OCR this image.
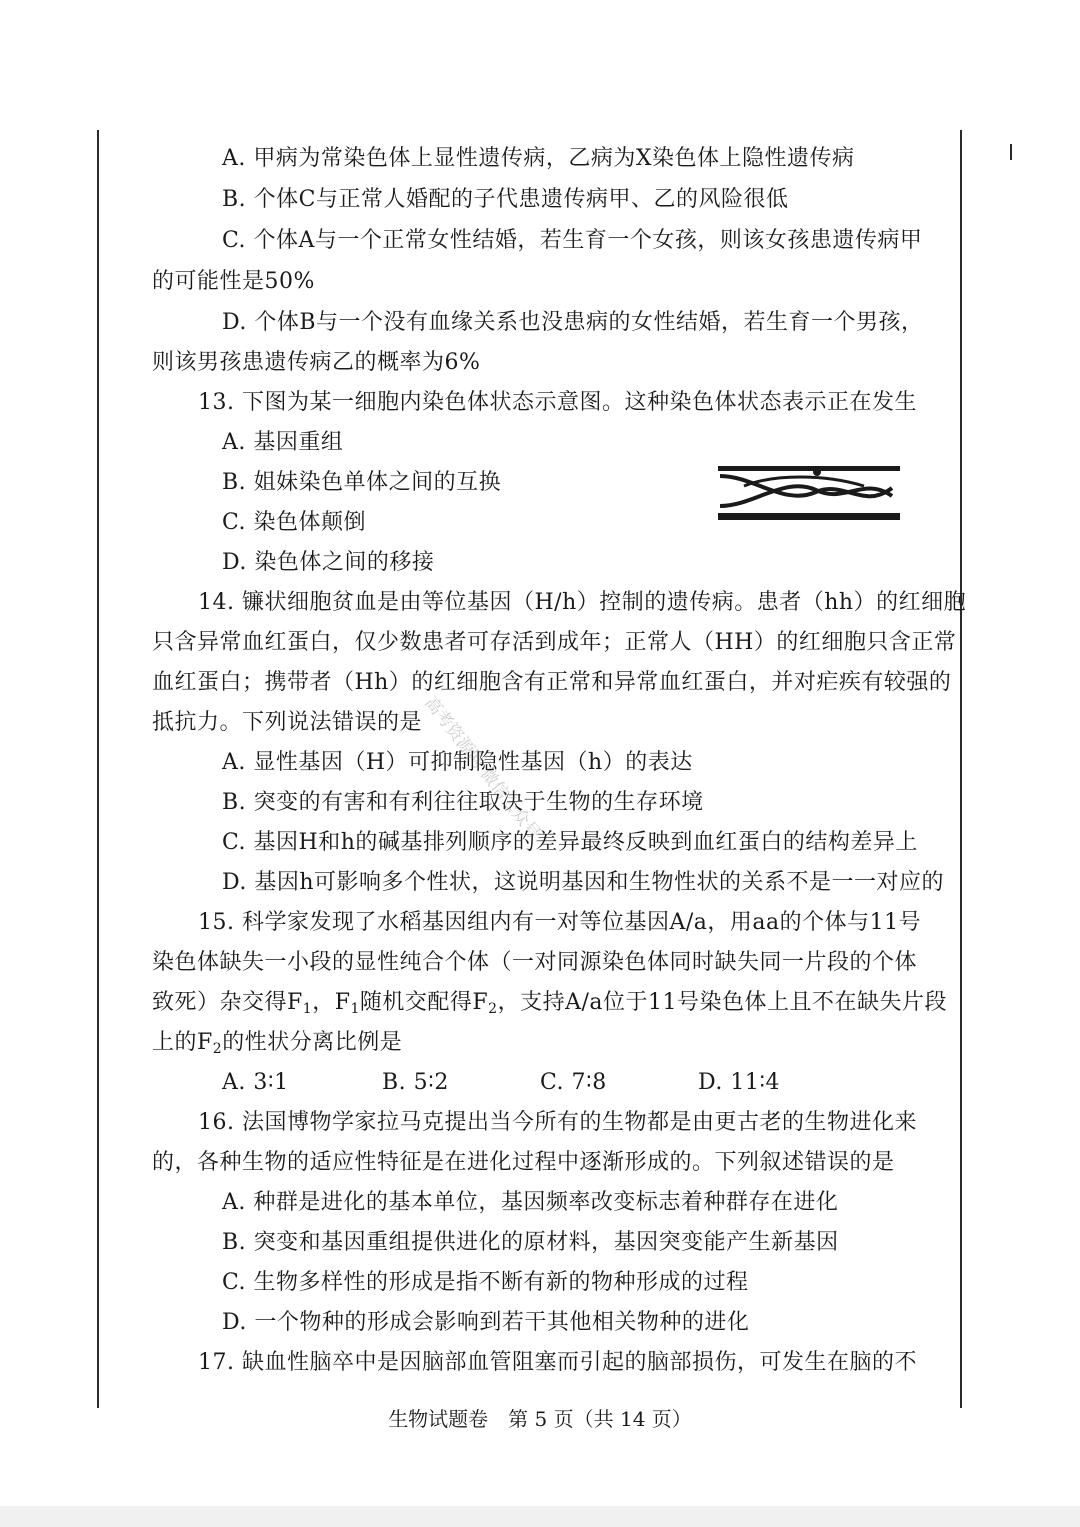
A. 甲病为常染色体上显性遗传病，乙病为X染色体上隐性遗传病
B. 个体C与正常人婚配的子代患遗传病甲、乙的风险很低
C. 个体A与一个正常女性结婚，若生育一个女孩，则该女孩患遗传病甲
的可能性是50%
D. 个体B与一个没有血缘关系也没患病的女性结婚，若生育一个男孩，
则该男孩患遗传病乙的概率为6%
13. 下图为某一细胞内染色体状态示意图。这种染色体状态表示正在发生
A. 基因重组
B. 姐妹染色单体之间的互换
C. 染色体颠倒
D. 染色体之间的移接
14. 镰状细胞贫血是由等位基因（H/h）控制的遗传病。患者（hh）的红细胞
只含异常血红蛋白，仅少数患者可存活到成年；正常人（HH）的红细胞只含正常
血红蛋白；携带者（Hh）的红细胞含有正常和异常血红蛋白，并对疟疾有较强的
抵抗力。下列说法错误的是
A. 显性基因（H）可抑制隐性基因（h）的表达
B. 突变的有害和有利往往取决于生物的生存环境
C. 基因H和h的碱基排列顺序的差异最终反映到血红蛋白的结构差异上
D. 基因h可影响多个性状，这说明基因和生物性状的关系不是一一对应的
15. 科学家发现了水稻基因组内有一对等位基因A/a，用aa的个体与11号
染色体缺失一小段的显性纯合个体（一对同源染色体同时缺失同一片段的个体
致死）杂交得$F_1$，$F_1$随机交配得$F_2$，支持A/a位于11号染色体上且不在缺失片段
上的$F_2$的性状分离比例是
A. 3∶1	B. 5∶2	C. 7∶8	D. 11∶4
16. 法国博物学家拉马克提出当今所有的生物都是由更古老的生物进化来
的，各种生物的适应性特征是在进化过程中逐渐形成的。下列叙述错误的是
A. 种群是进化的基本单位，基因频率改变标志着种群存在进化
B. 突变和基因重组提供进化的原材料，基因突变能产生新基因
C. 生物多样性的形成是指不断有新的物种形成的过程
D. 一个物种的形成会影响到若干其他相关物种的进化
17. 缺血性脑卒中是因脑部血管阻塞而引起的脑部损伤，可发生在脑的不
高考资源网 微信公众号
生物试题卷　第 5 页（共 14 页）
